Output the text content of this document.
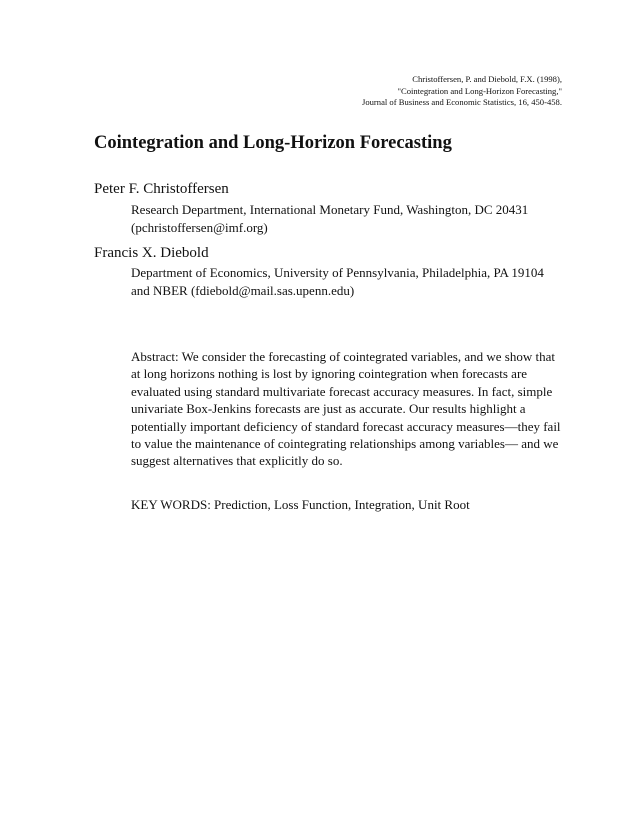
Christoffersen, P. and Diebold, F.X. (1998),
"Cointegration and Long-Horizon Forecasting,"
Journal of Business and Economic Statistics, 16, 450-458.
Cointegration and Long-Horizon Forecasting
Peter F. Christoffersen
Research Department, International Monetary Fund, Washington, DC 20431
(pchristoffersen@imf.org)
Francis X. Diebold
Department of Economics, University of Pennsylvania, Philadelphia, PA 19104
and NBER (fdiebold@mail.sas.upenn.edu)
Abstract: We consider the forecasting of cointegrated variables, and we show that
at long horizons nothing is lost by ignoring cointegration when forecasts are
evaluated using standard multivariate forecast accuracy measures. In fact, simple
univariate Box-Jenkins forecasts are just as accurate. Our results highlight a
potentially important deficiency of standard forecast accuracy measures—they fail
to value the maintenance of cointegrating relationships among variables— and we
suggest alternatives that explicitly do so.
KEY WORDS: Prediction, Loss Function, Integration, Unit Root
